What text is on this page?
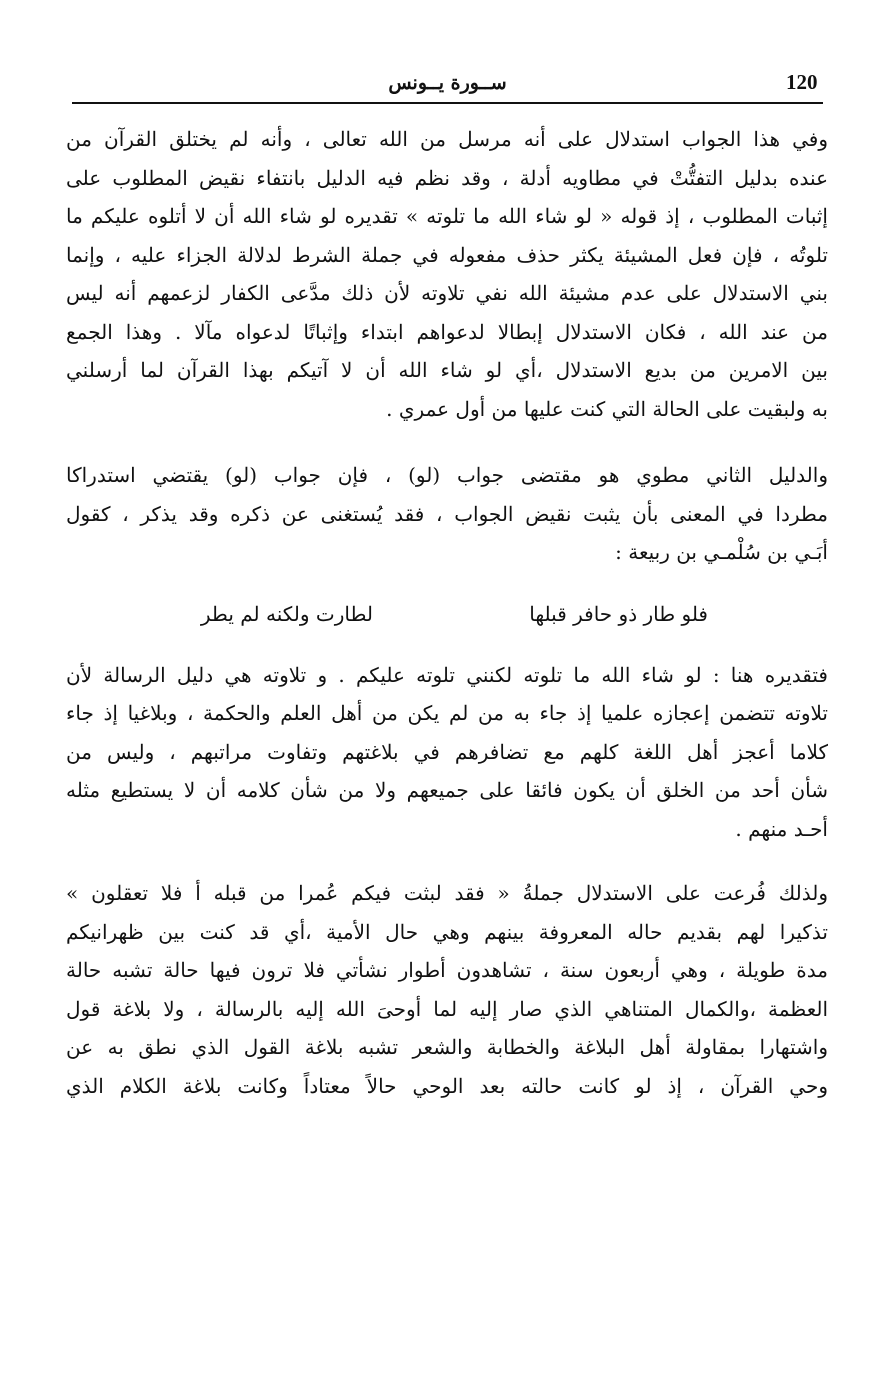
120
ســورة يــونس

وفي هذا الجواب استدلال على أنه مرسل من الله تعالى ، وأنه لم يختلق القرآن من
عنده بدليل التفتُّتْ في مطاويه أدلة ، وقد نظم فيه الدليل بانتفاء نقيض المطلوب على
إثبات المطلوب ، إذ قوله « لو شاء الله ما تلوته » تقديره لو شاء الله أن لا أتلوه عليكم ما
تلوتُه ، فإن فعل المشيئة يكثر حذف مفعوله في جملة الشرط لدلالة الجزاء عليه ، وإنما
بني الاستدلال على عدم مشيئة الله نفي تلاوته لأن ذلك مدَّعى الكفار لزعمهم أنه ليس
من عند الله ، فكان الاستدلال إبطالا لدعواهم ابتداء وإثباتًا لدعواه مآلا . وهذا الجمع
بين الامرين من بديع الاستدلال ،أي لو شاء الله أن لا آتيكم بهذا القرآن لما أرسلني
به ولبقيت على الحالة التي كنت عليها من أول عمري .

والدليل الثاني مطوي هو مقتضى جواب (لو) ، فإن جواب (لو) يقتضي استدراكا
مطردا في المعنى بأن يثبت نقيض الجواب ، فقد يُستغنى عن ذكره وقد يذكر ، كقول
أبَـي بن سُلْمـي بن ربيعة :

فلو طار ذو حافر قبلها
لطارت ولكنه لم يطر

فتقديره هنا : لو شاء الله ما تلوته لكنني تلوته عليكم . و تلاوته هي دليل الرسالة لأن
تلاوته تتضمن إعجازه علميا إذ جاء به من لم يكن من أهل العلم والحكمة ، وبلاغيا إذ جاء
كلاما أعجز أهل اللغة كلهم مع تضافرهم في بلاغتهم وتفاوت مراتبهم ، وليس من
شأن أحد من الخلق أن يكون فائقا على جميعهم ولا من شأن كلامه أن لا يستطيع مثله
أحـد منهم .

ولذلك فُرعت على الاستدلال جملةُ « فقد لبثت فيكم عُمرا من قبله أ فلا تعقلون »
تذكيرا لهم بقديم حاله المعروفة بينهم وهي حال الأمية ،أي قد كنت بين ظهرانيكم
مدة طويلة ، وهي أربعون سنة ، تشاهدون أطوار نشأتي فلا ترون فيها حالة تشبه حالة
العظمة ،والكمال المتناهي الذي صار إليه لما أوحىَ الله إليه بالرسالة ، ولا بلاغة قول
واشتهارا بمقاولة أهل البلاغة والخطابة والشعر تشبه بلاغة القول الذي نطق به عن
وحي القرآن ، إذ لو كانت حالته بعد الوحي حالاً معتاداً وكانت بلاغة الكلام الذي
